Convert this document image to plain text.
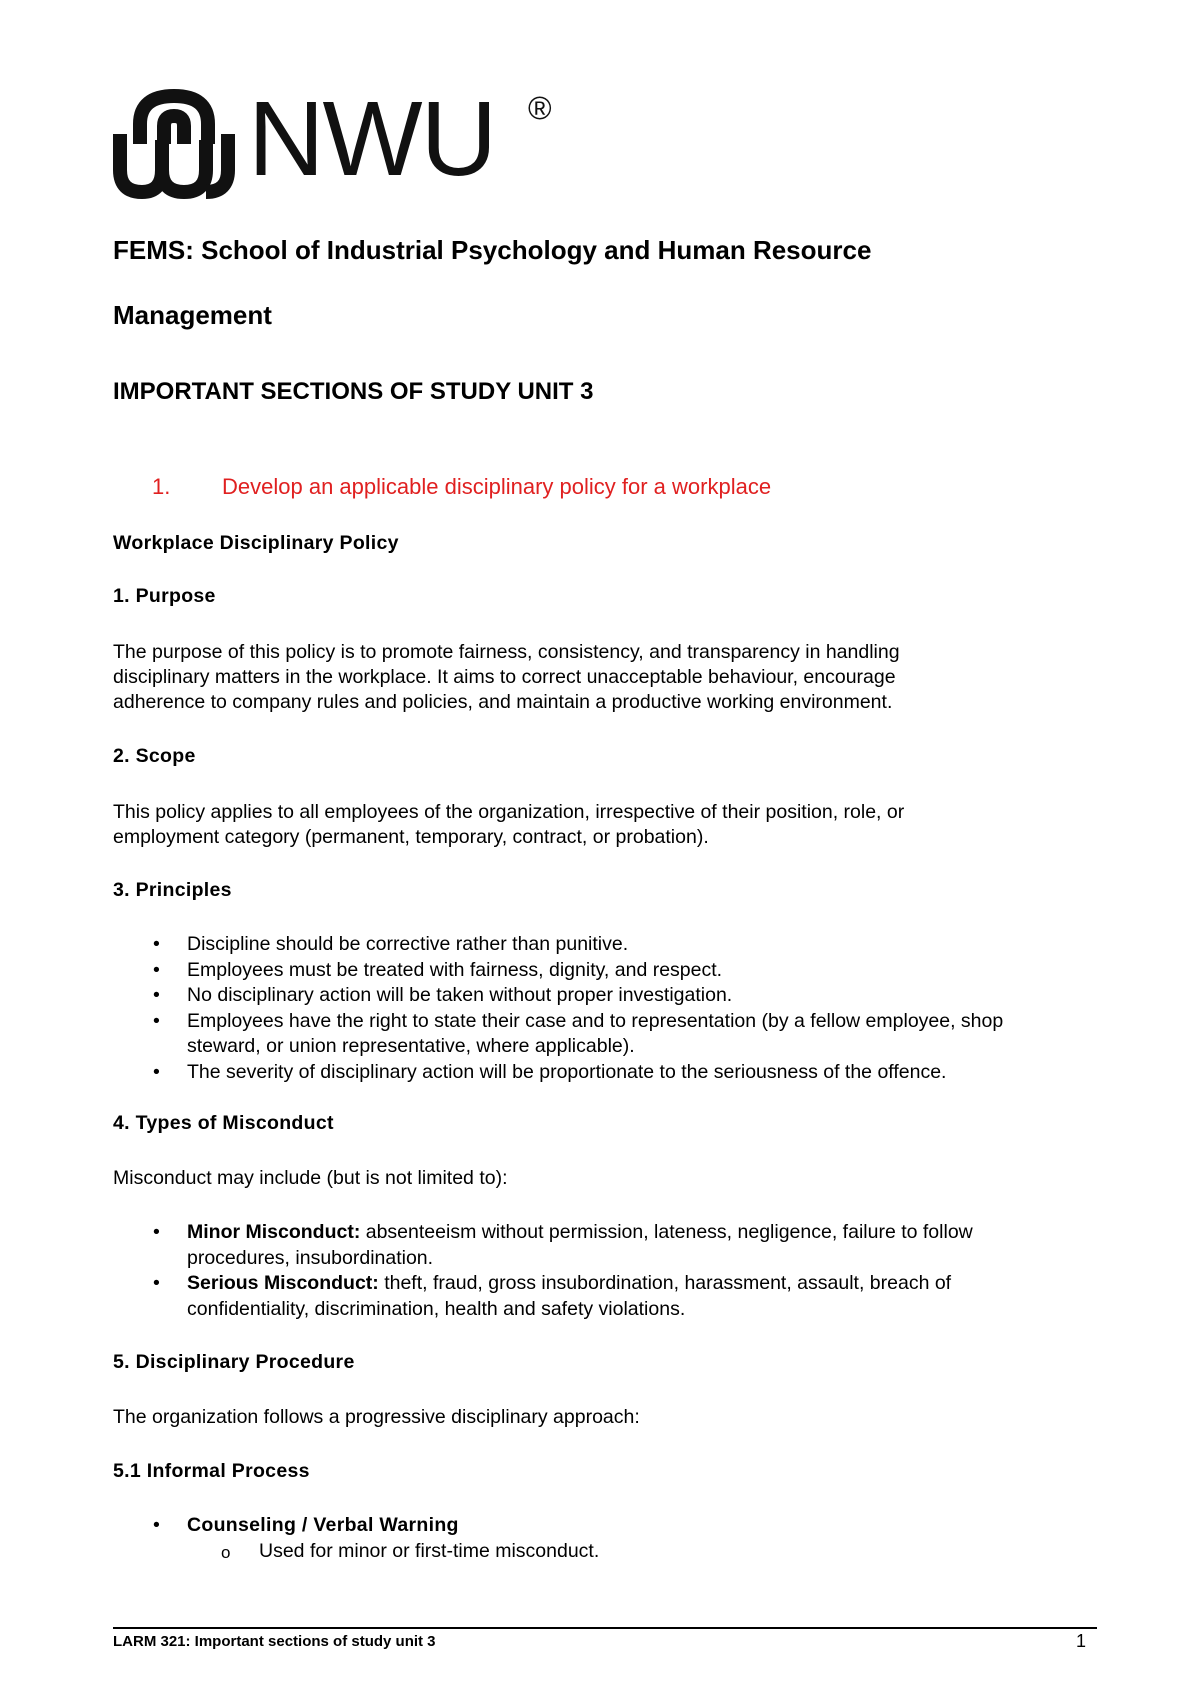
NWU ®
FEMS: School of Industrial Psychology and Human Resource
Management
IMPORTANT SECTIONS OF STUDY UNIT 3
1. Develop an applicable disciplinary policy for a workplace
Workplace Disciplinary Policy
1. Purpose

The purpose of this policy is to promote fairness, consistency, and transparency in handling

disciplinary matters in the workplace. It aims to correct unacceptable behaviour, encourage

adherence to company rules and policies, and maintain a productive working environment.

2. Scope

This policy applies to all employees of the organization, irrespective of their position, role, or

employment category (permanent, temporary, contract, or probation).

3. Principles
• Discipline should be corrective rather than punitive.
• Employees must be treated with fairness, dignity, and respect.
• No disciplinary action will be taken without proper investigation.
• Employees have the right to state their case and to representation (by a fellow employee, shop steward, or union representative, where applicable).
• The severity of disciplinary action will be proportionate to the seriousness of the offence.
4. Types of Misconduct
Misconduct may include (but is not limited to):
• Minor Misconduct: absenteeism without permission, lateness, negligence, failure to follow procedures, insubordination.
• Serious Misconduct: theft, fraud, gross insubordination, harassment, assault, breach of confidentiality, discrimination, health and safety violations.
5. Disciplinary Procedure
The organization follows a progressive disciplinary approach:
5.1 Informal Process
• Counseling / Verbal Warning
o Used for minor or first-time misconduct.
LARM 321: Important sections of study unit 3	1
